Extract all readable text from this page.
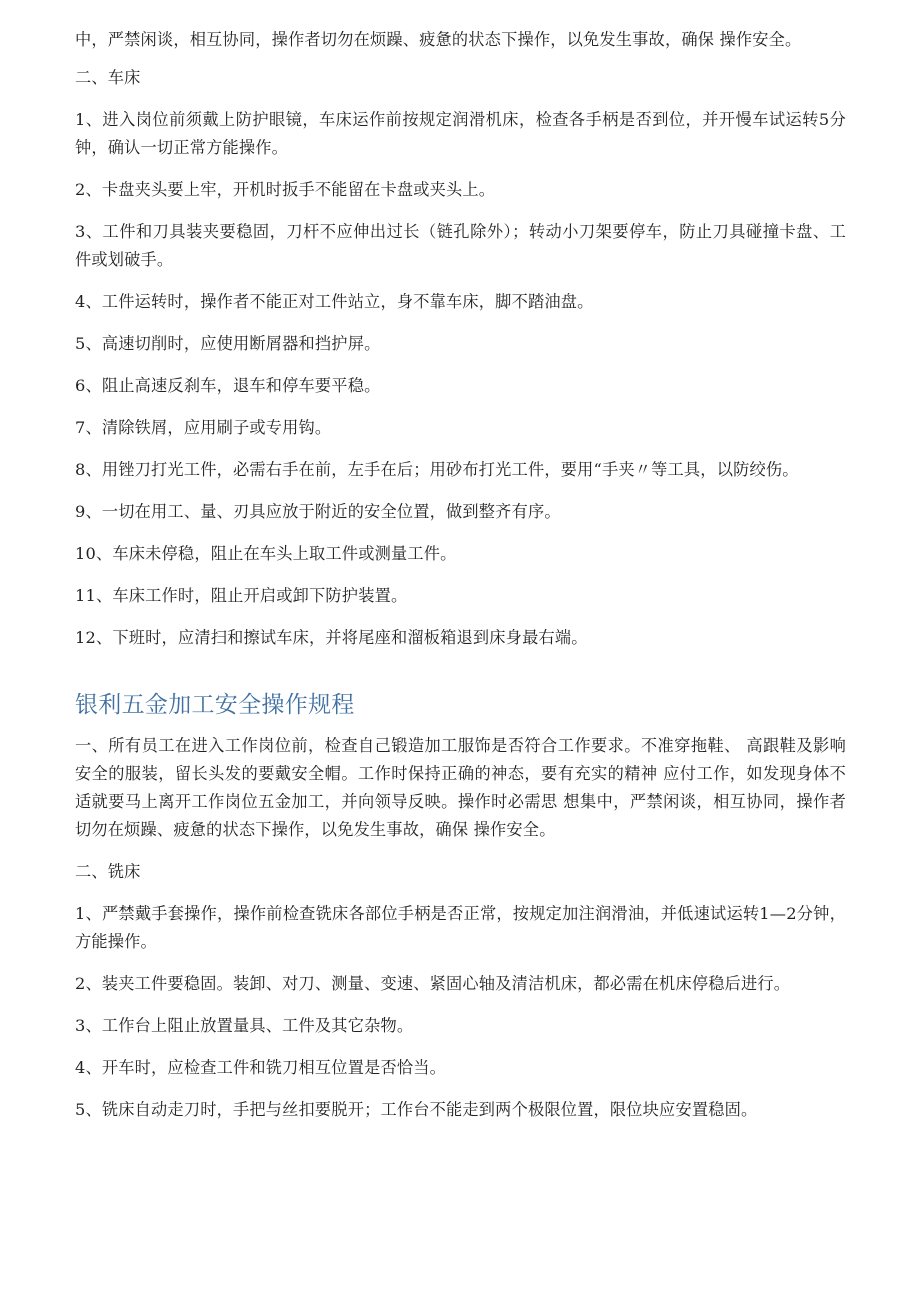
中，严禁闲谈，相互协同，操作者切勿在烦躁、疲惫的状态下操作，以免发生事故，确保 操作安全。

二、车床

1、进入岗位前须戴上防护眼镜，车床运作前按规定润滑机床，检查各手柄是否到位，并开慢车试运转5分钟，确认一切正常方能操作。

2、卡盘夹头要上牢，开机时扳手不能留在卡盘或夹头上。

3、工件和刀具装夹要稳固，刀杆不应伸出过长（链孔除外）；转动小刀架要停车，防止刀具碰撞卡盘、工件或划破手。

4、工件运转时，操作者不能正对工件站立，身不靠车床，脚不踏油盘。

5、高速切削时，应使用断屑器和挡护屏。

6、阻止高速反刹车，退车和停车要平稳。

7、清除铁屑，应用刷子或专用钩。

8、用锉刀打光工件，必需右手在前，左手在后；用砂布打光工件，要用“手夹〃等工具，以防绞伤。

9、一切在用工、量、刃具应放于附近的安全位置，做到整齐有序。

10、车床未停稳，阻止在车头上取工件或测量工件。

11、车床工作时，阻止开启或卸下防护装置。

12、下班时，应清扫和擦试车床，并将尾座和溜板箱退到床身最右端。

银利五金加工安全操作规程

一、所有员工在进入工作岗位前，检查自己锻造加工服饰是否符合工作要求。不准穿拖鞋、 高跟鞋及影响安全的服装，留长头发的要戴安全帽。工作时保持正确的神态，要有充实的精神 应付工作，如发现身体不适就要马上离开工作岗位五金加工，并向领导反映。操作时必需思 想集中，严禁闲谈，相互协同，操作者切勿在烦躁、疲惫的状态下操作，以免发生事故，确保 操作安全。

二、铣床

1、严禁戴手套操作，操作前检查铣床各部位手柄是否正常，按规定加注润滑油，并低速试运转1—2分钟，方能操作。

2、装夹工件要稳固。装卸、对刀、测量、变速、紧固心轴及清洁机床，都必需在机床停稳后进行。

3、工作台上阻止放置量具、工件及其它杂物。

4、开车时，应检查工件和铣刀相互位置是否恰当。

5、铣床自动走刀时，手把与丝扣要脱开；工作台不能走到两个极限位置，限位块应安置稳固。
